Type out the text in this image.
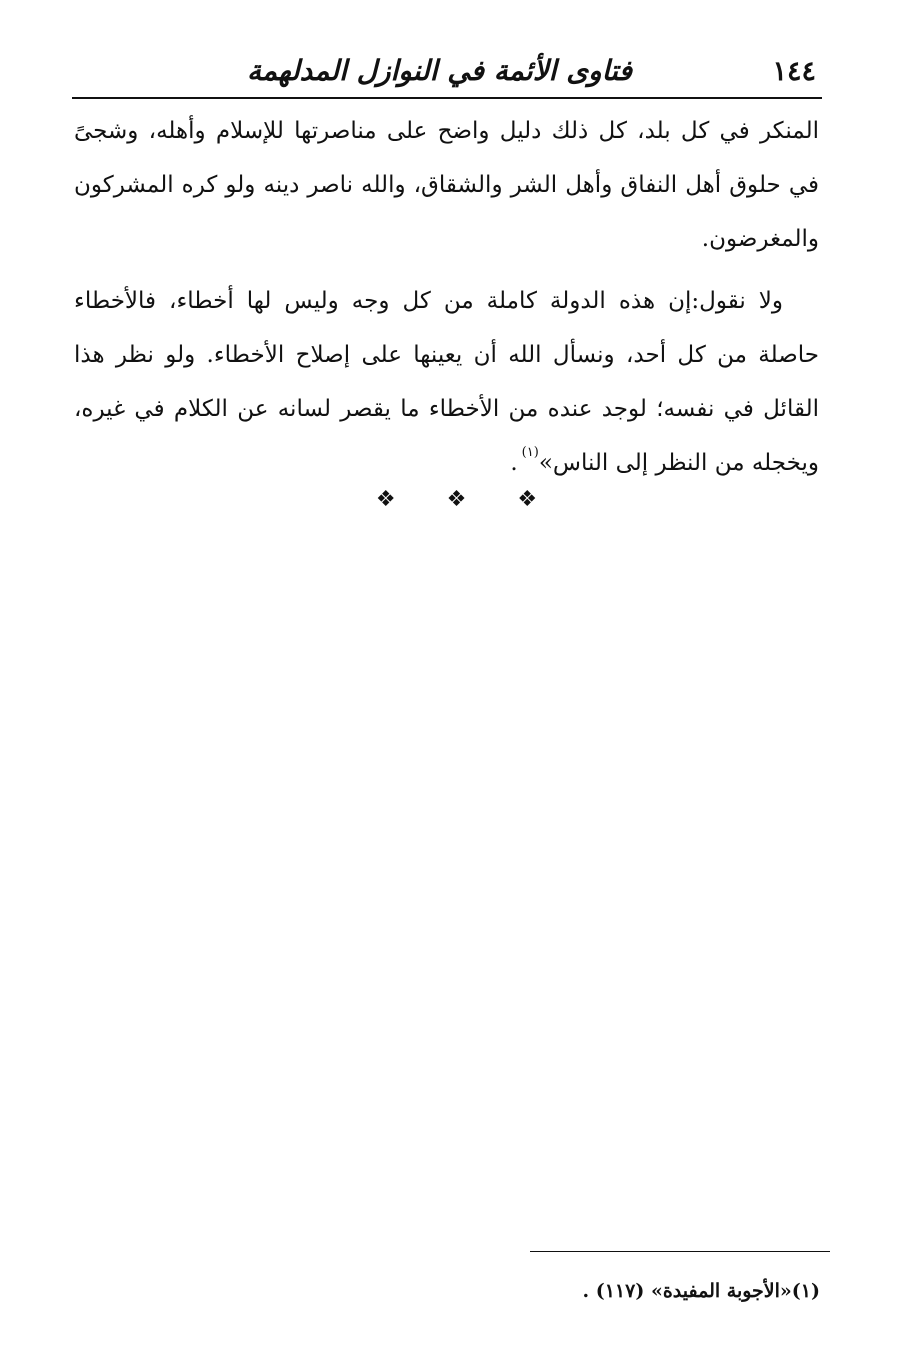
١٤٤
فتاوى الأئمة في النوازل المدلهمة

المنكر في كل بلد، كل ذلك دليل واضح على مناصرتها للإسلام وأهله، وشجىً في حلوق أهل النفاق وأهل الشر والشقاق، والله ناصر دينه ولو كره المشركون والمغرضون.

ولا نقول:إن هذه الدولة كاملة من كل وجه وليس لها أخطاء، فالأخطاء حاصلة من كل أحد، ونسأل الله أن يعينها على إصلاح الأخطاء. ولو نظر هذا القائل في نفسه؛ لوجد عنده من الأخطاء ما يقصر لسانه عن الكلام في غيره، ويخجله من النظر إلى الناس»$^{(١)}$.

❖ ❖ ❖
(١)«الأجوبة المفيدة» (١١٧) .
